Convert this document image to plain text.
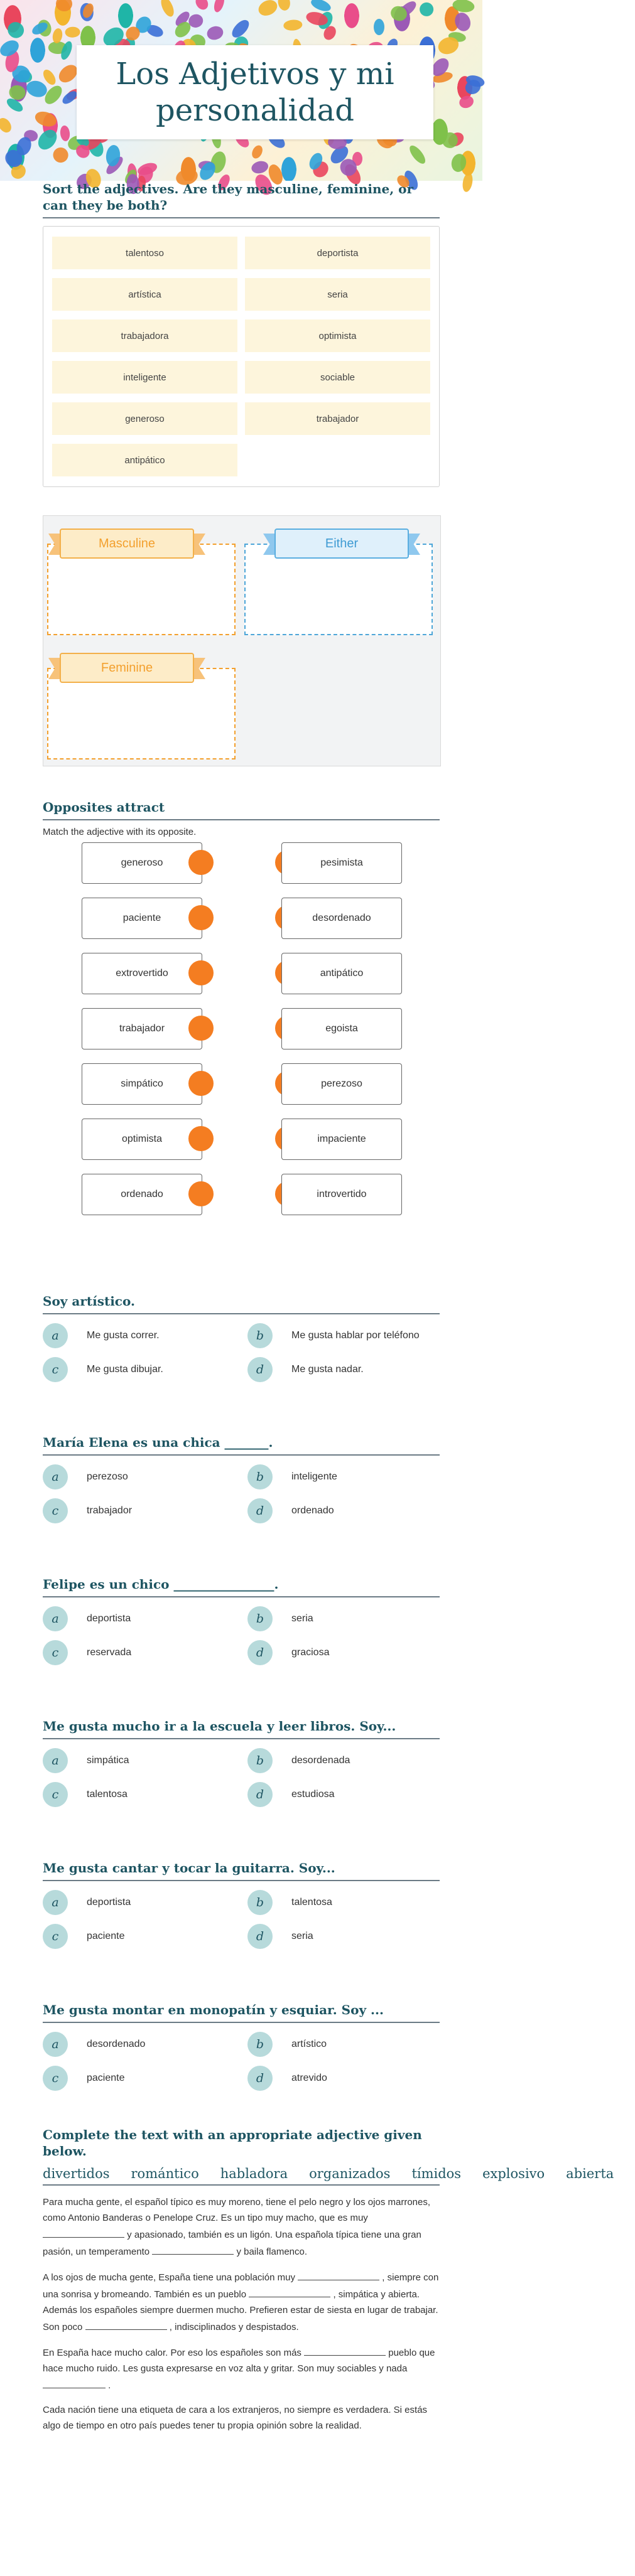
Los Adjetivos y mi personalidad
Sort the adjectives. Are they masculine, feminine, or can they be both?
talentoso	deportista
artística	seria
trabajadora	optimista
inteligente	sociable
generoso	trabajador
antipático
Masculine	Either
Feminine
Opposites attract
Match the adjective with its opposite.
generoso	pesimista
paciente	desordenado
extrovertido	antipático
trabajador	egoista
simpático	perezoso
optimista	impaciente
ordenado	introvertido
Soy artístico.
a	Me gusta correr.	b	Me gusta hablar por teléfono
c	Me gusta dibujar.	d	Me gusta nadar.
María Elena es una chica _______.
a	perezoso	b	inteligente
c	trabajador	d	ordenado
Felipe es un chico ________________.
a	deportista	b	seria
c	reservada	d	graciosa
Me gusta mucho ir a la escuela y leer libros. Soy...
a	simpática	b	desordenada
c	talentosa	d	estudiosa
Me gusta cantar y tocar la guitarra. Soy...
a	deportista	b	talentosa
c	paciente	d	seria
Me gusta montar en monopatín y esquiar. Soy ...
a	desordenado	b	artístico
c	paciente	d	atrevido
Complete the text with an appropriate adjective given below.
divertidos romántico habladora organizados tímidos explosivo abierta

Para mucha gente, el español típico es muy moreno, tiene el pelo negro y los ojos marrones, como Antonio Banderas o Penelope Cruz. Es un tipo muy macho, que es muy  y apasionado, también es un ligón. Una española típica tiene una gran pasión, un temperamento	y baila flamenco.

A los ojos de mucha gente, España tiene una población muy	, siempre con una sonrisa y bromeando. También es un pueblo	, simpática y abierta. Además los españoles siempre duermen mucho. Prefieren estar de siesta en lugar de trabajar. Son poco	, indisciplinados y despistados.

En España hace mucho calor. Por eso los españoles son más	pueblo que hace mucho ruido. Les gusta expresarse en voz alta y gritar. Son muy sociables y nada  .

Cada nación tiene una etiqueta de cara a los extranjeros, no siempre es verdadera. Si estás algo de tiempo en otro país puedes tener tu propia opinión sobre la realidad.
